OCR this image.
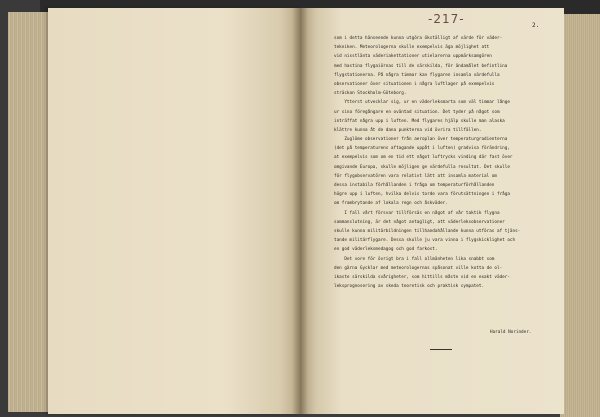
-217-	2.
som i detta hänseende kunna utgöra ökställigt af värde för väder-
tekniken. Meteorologerna skulle exempelvis äga möjlighet att
vid nisstlänta väderiakettationer utielarerna uppmärksamgören
med hastina flygaiörnas till de särskilda, för ändamålet befintlina
flygstationerna. På några timmar kan flygaren insamla värdefulla
observationer över situationen i några luftlager på exempelvis
sträckan Stockholm-Göteborg.
Ytterst utvecklar sig, ur en väderleksmarta som väl timmar långe
ur sina föregångare en oväntad situation. Det tyder på något som
inträffat några upp i luften. Med flygares hjälp skulle man alaska
klättre kunna åt de dana punkterna vid övrira tillfällen.
Zuglöme observationer från aeroplan över temperaturgradienterna
(det på temperaturens aftagande uppåt i luften) gradvisa förändring,
at exempelvis som om en tid ett något luftrycks vinding där fast över
omgivande Europa, skulle möjligen ge värdefulla resultat. Det skulle
för flygobservatören vara relativt lätt att insamla material om
dessa instabila förhållanden i fråga om temperaturförhållanden
högre upp i luften, hvilka delvis torde vara förutsättningen i fråga
om frambrytande af lokala regn och åskväder.
I fall vårt försvar tillförsäs en något af vår taktik flygna
sammanslutning, är det något antagligt, att väderleksobservationer
skulle kunna militärbildningen tillhandahållande kunna utföras af tjäns-
tande militärflygare. Dessa skulle ju vara vinna i flygskicklighet och
en god väderleksmedagog och god farkost.
Det vore för övrigt bra i fall allmänheten lika snabbt som
den gärna Gycklar med meteorologernas spåsonat ville kotta de ol-
ikaste särskilda svårigheter, som hittills måste vid en exakt väder-
leksprognosering av skeda teoretisk och praktisk sympatet.
Harald Norinder.
